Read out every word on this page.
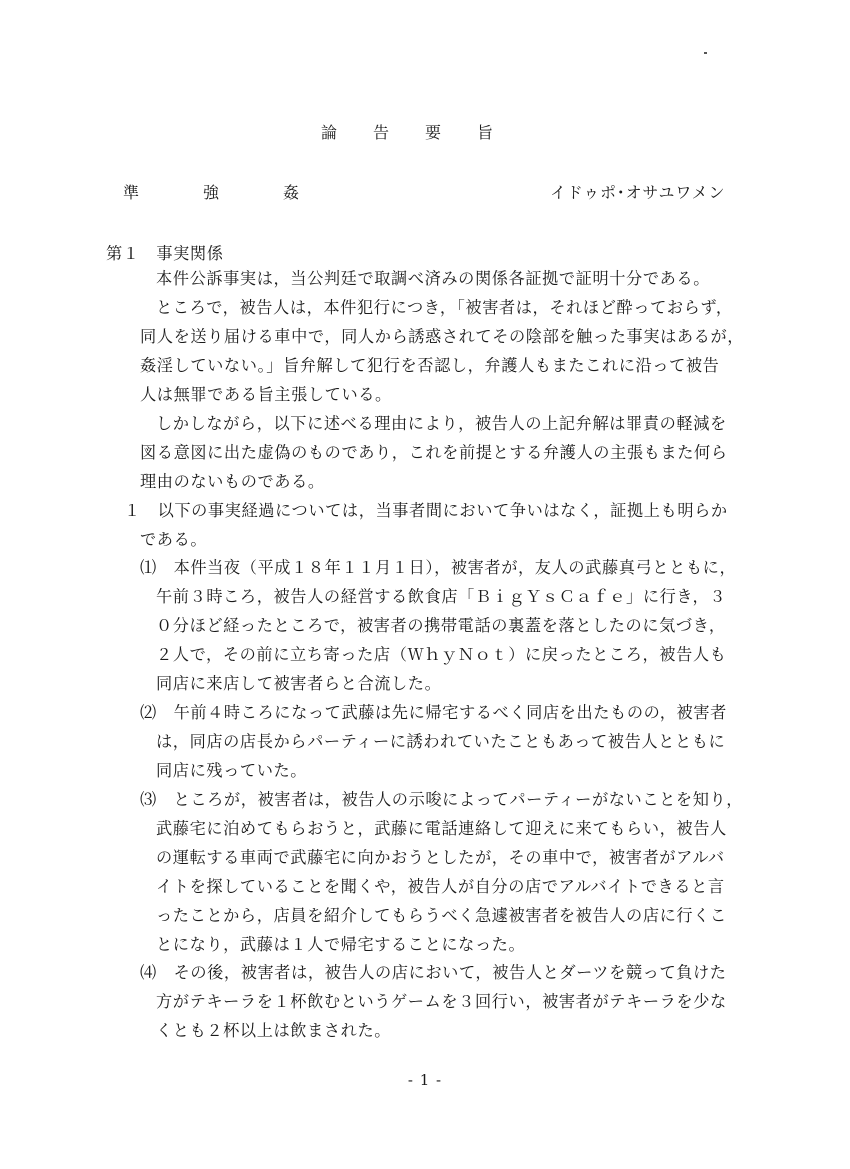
論告要旨
準強姦	イドゥポ･オサユワメン
第１　事実関係
本件公訴事実は，当公判廷で取調べ済みの関係各証拠で証明十分である。
ところで，被告人は，本件犯行につき，「被害者は，それほど酔っておらず，
同人を送り届ける車中で，同人から誘惑されてその陰部を触った事実はあるが，
姦淫していない。」旨弁解して犯行を否認し，弁護人もまたこれに沿って被告
人は無罪である旨主張している。
しかしながら，以下に述べる理由により，被告人の上記弁解は罪責の軽減を
図る意図に出た虚偽のものであり，これを前提とする弁護人の主張もまた何ら
理由のないものである。
１　以下の事実経過については，当事者間において争いはなく，証拠上も明らか
である。
⑴　本件当夜（平成１８年１１月１日），被害者が，友人の武藤真弓とともに，
午前３時ころ，被告人の経営する飲食店「ＢｉｇＹｓＣａｆｅ」に行き，３
０分ほど経ったところで，被害者の携帯電話の裏蓋を落としたのに気づき，
２人で，その前に立ち寄った店（ＷｈｙＮｏｔ）に戻ったところ，被告人も
同店に来店して被害者らと合流した。
⑵　午前４時ころになって武藤は先に帰宅するべく同店を出たものの，被害者
は，同店の店長からパーティーに誘われていたこともあって被告人とともに
同店に残っていた。
⑶　ところが，被害者は，被告人の示唆によってパーティーがないことを知り，
武藤宅に泊めてもらおうと，武藤に電話連絡して迎えに来てもらい，被告人
の運転する車両で武藤宅に向かおうとしたが，その車中で，被害者がアルバ
イトを探していることを聞くや，被告人が自分の店でアルバイトできると言
ったことから，店員を紹介してもらうべく急遽被害者を被告人の店に行くこ
とになり，武藤は１人で帰宅することになった。
⑷　その後，被害者は，被告人の店において，被告人とダーツを競って負けた
方がテキーラを１杯飲むというゲームを３回行い，被害者がテキーラを少な
くとも２杯以上は飲まされた。
- 1 -
